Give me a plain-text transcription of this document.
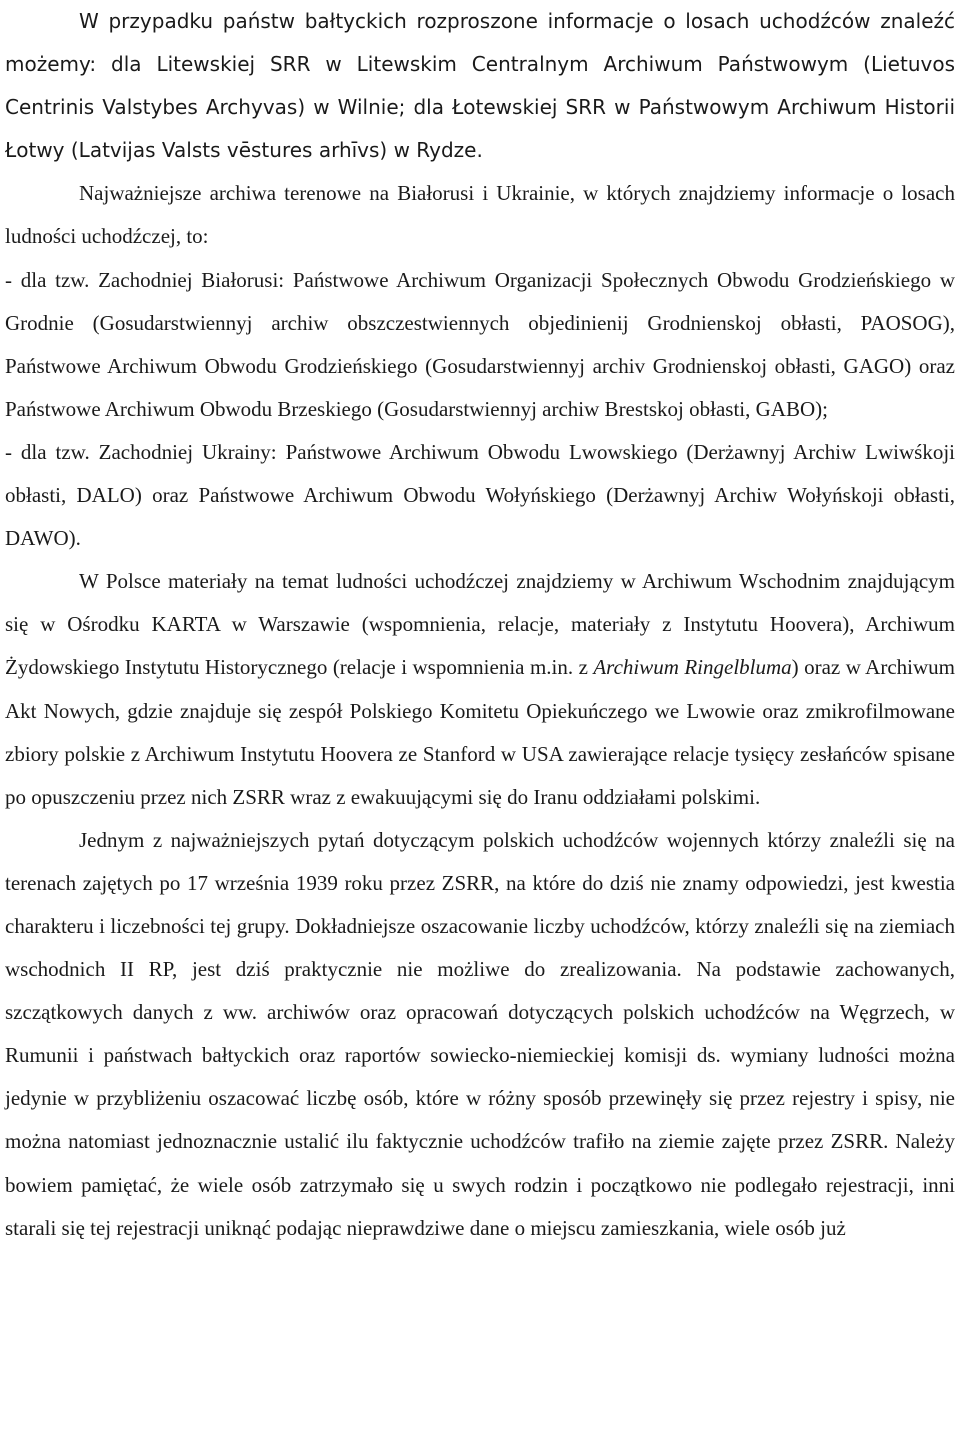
W przypadku państw bałtyckich rozproszone informacje o losach uchodźców znaleźć możemy: dla Litewskiej SRR w Litewskim Centralnym Archiwum Państwowym (Lietuvos Centrinis Valstybes Archyvas) w Wilnie; dla Łotewskiej SRR w Państwowym Archiwum Historii Łotwy (Latvijas Valsts vēstures arhīvs) w Rydze.

Najważniejsze archiwa terenowe na Białorusi i Ukrainie, w których znajdziemy informacje o losach ludności uchodźczej, to:

- dla tzw. Zachodniej Białorusi: Państwowe Archiwum Organizacji Społecznych Obwodu Grodzieńskiego w Grodnie (Gosudarstwiennyj archiw obszczestwiennych objedinienij Grodnienskoj obłasti, PAOSOG), Państwowe Archiwum Obwodu Grodzieńskiego (Gosudarstwiennyj archiv Grodnienskoj obłasti, GAGO) oraz Państwowe Archiwum Obwodu Brzeskiego (Gosudarstwiennyj archiw Brestskoj obłasti, GABO);

- dla tzw. Zachodniej Ukrainy: Państwowe Archiwum Obwodu Lwowskiego (Derżawnyj Archiw Lwiwśkoji obłasti, DALO) oraz Państwowe Archiwum Obwodu Wołyńskiego (Derżawnyj Archiw Wołyńskoji obłasti, DAWO).

W Polsce materiały na temat ludności uchodźczej znajdziemy w Archiwum Wschodnim znajdującym się w Ośrodku KARTA w Warszawie (wspomnienia, relacje, materiały z Instytutu Hoovera), Archiwum Żydowskiego Instytutu Historycznego (relacje i wspomnienia m.in. z Archiwum Ringelbluma) oraz w Archiwum Akt Nowych, gdzie znajduje się zespół Polskiego Komitetu Opiekuńczego we Lwowie oraz zmikrofilmowane zbiory polskie z Archiwum Instytutu Hoovera ze Stanford w USA zawierające relacje tysięcy zesłańców spisane po opuszczeniu przez nich ZSRR wraz z ewakuującymi się do Iranu oddziałami polskimi.

Jednym z najważniejszych pytań dotyczącym polskich uchodźców wojennych którzy znaleźli się na terenach zajętych po 17 września 1939 roku przez ZSRR, na które do dziś nie znamy odpowiedzi, jest kwestia charakteru i liczebności tej grupy. Dokładniejsze oszacowanie liczby uchodźców, którzy znaleźli się na ziemiach wschodnich II RP, jest dziś praktycznie nie możliwe do zrealizowania. Na podstawie zachowanych, szczątkowych danych z ww. archiwów oraz opracowań dotyczących polskich uchodźców na Węgrzech, w Rumunii i państwach bałtyckich oraz raportów sowiecko-niemieckiej komisji ds. wymiany ludności można jedynie w przybliżeniu oszacować liczbę osób, które w różny sposób przewinęły się przez rejestry i spisy, nie można natomiast jednoznacznie ustalić ilu faktycznie uchodźców trafiło na ziemie zajęte przez ZSRR. Należy bowiem pamiętać, że wiele osób zatrzymało się u swych rodzin i początkowo nie podlegało rejestracji, inni starali się tej rejestracji uniknąć podając nieprawdziwe dane o miejscu zamieszkania, wiele osób już
